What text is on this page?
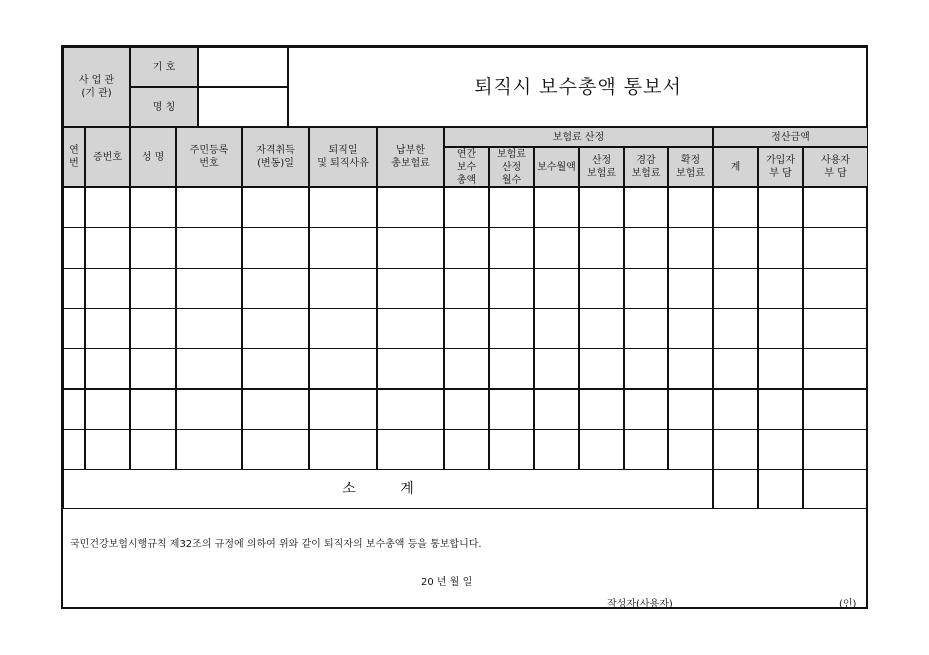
사 업 관
(기 관)
기 호
명 칭
퇴직시 보수총액 통보서
연
번
증번호	성 명
주민등록
번호
자격취득
(변동)일
퇴직일
및 퇴직사유
납부한
총보험료
보험료 산정
연간
보수
총액
보험료
산정
월수
보수월액
산정
보험료
경감
보험료
확정
보험료
정산금액
계
가입자
부 담
사용자
부 담
소 계
국민건강보험시행규칙 제32조의 규정에 의하여 위와 같이 퇴직자의 보수총액 등을 통보합니다.
20 년 월 일
작성자(사용자)	(인)
